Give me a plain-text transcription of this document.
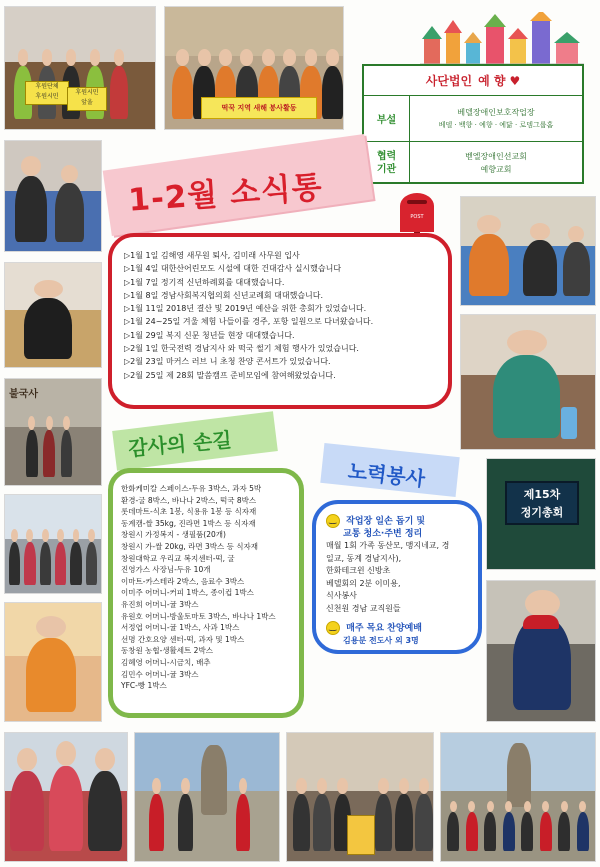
후원단체
후원시민
후원시민
앞울
떡꾹 지역 새해 봉사활동
사단법인 예 향 ♥
부설
베델장애인보호작업장
베델 · 백향 · 예향 · 예닮 · 로뎀그룹홈
협력
기관
벧엘장애인선교회
예향교회
불국사
제15차
정기총회
1-2월 소식통	POST
▷1월 1일 김해영 새무원 퇴사, 김미래 사무원 입사
▷1월 4일 대한산어린모도 시설에 대한 건대감사 실시했습니다
▷1월 7일 정기적 신년하례회를 대대했습니다.
▷1월 8일 경남사회복지협의회 신년교례회 대대했습니다.
▷1월 11일 2018년 결산 및 2019년 예산을 위한 총회가 있었습니다.
▷1월 24~25일 겨울 체험 나들이를 경주, 포항 일원으로 다녀왔습니다.
▷1월 29일 복지 신문 청년들 현장 대대했습니다.
▷2월 1일 한국전력 경남지사 와 떡국 썰기 체험 행사가 있었습니다.
▷2월 23일 마커스 러브 니 초청 찬양 콘서트가 있었습니다.
▷2월 25일 제 28회 말씀캠프 준비모임에 참여해왔었습니다.
감사의 손길
한화케미칼 스페이스-두유 3박스, 과자 5박
환경-굴 8박스, 바나나 2박스, 떡국 8박스
롯데마트-식초 1봉, 식용유 1봉 등 식자재
동계캠-쌀 35kg, 진라면 1박스 등 식자재
창원시 가정복지 - 생필품(20개)
창원시 가-쌀 20kg, 라면 3박스 등 식자재
창원대학교 우리교 복지센터-떡, 굴
진영가스 사장님-두유 10개
이마트-카스테라 2박스, 음료수 3박스
이미주 어머니-커피 1박스, 종이컵 1박스
유진희 어머니-귤 3박스
유원호 어머니-방울토마토 3박스, 바나나 1박스
서정엽 어머니-귤 1박스, 사과 1박스
선명 간호요양 센터-떡, 과자 및 1박스
동창원 농협-생활세트 2박스
김혜영 어머니-시금치, 배추
김민수 어머니-귤 3박스
YFC-빵 1박스
노력봉사
‿ 작업장 일손 돕기 및
교통 청소·주변 정리
매월 1회 가족 동산모, 맹지네교, 경
일교, 동계 경남지사),
한화테크윈 신방초
베델회의 2분 이미용,
식사봉사
신천원 경남 교직원들
‿ 매주 목요 찬양예배
김용분 전도사 외 3명
